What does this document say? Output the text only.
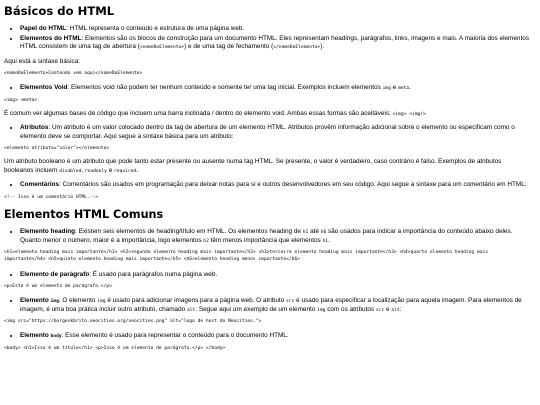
Básicos do HTML
• Papel do HTML: HTML representa o conteúdo e estrutura de uma página web.
• Elementos do HTML: Elementos são os blocos de construção para um documento HTML. Eles representam headings, parágrafos, links, imagens e mais. A maioria dos elementos HTML consistem de uma tag de abertura (<nomeDoElemento>) e de uma tag de fechamento (</nomeDoElemento>).

Aqui está a sintaxe básica:

<nomeDoElemento>Conteúdo vem aqui</nomeDoElemento>
• Elementos Void: Elementos void não podem ter nenhum conteúdo e somente ter uma tag inicial. Exemplos incluem elementos img e meta.
<img> <meta>

É comum ver algumas bases de código que incluem uma barra inclinada / dentro do elemento void. Ambas essas formas são aceitáveis: <img> <img/>

• Atributos: Um atributo é um valor colocado dentro da tag de abertura de um elemento HTML. Atributos provêm informação adicional sobre o elemento ou especificam como o elemento deve se comportar. Aqui segue a sintaxe básica para um atributo:
<elemento atributo="valor"></elemento>

Um atributo booleano é um atributo que pode tanto estar presente ou ausente numa tag HTML. Se presente, o valor é verdadeiro, caso contrário é falso. Exemplos de atributos booleanos incluem disabled, readonly e required.

• Comentários: Comentários são usados em programação para deixar notas para si e outros desenvolvedores em seu código. Aqui segue a sintaxe para um comentário em HTML:
<!-- Isso é um comentário HTML.-->
Elementos HTML Comuns
• Elemento heading: Existem seis elementos de heading/título em HTML. Os elementos heading de h1 até h6 são usados para indicar a importância do conteúdo abaixo deles. Quanto menor o número, maior é a importância, logo elementos h2 têm menos importância que elementos h1.
<h1>elemento heading mais importante</h1> <h2>segundo elemento heading mais importante</h2> <h3>terceiro elemento heading mais importante</h3> <h4>quarto elemento heading mais importante</h4> <h5>quinto elemento heading mais importante</h5> <h6>elemento heading menos importante</h6>
• Elemento de parágrafo: É usado para parágrafos numa página web.
<p>Este é um elemento de parágrafo.</p>
• Elemento img: O elemento img é usado para adicionar imagens para a página web. O atributo src é usado para especificar a localização para aquela imagem. Para elementos de imagem, é uma boa prática incluir outro atributo, chamado alt. Segue aqui um exemplo de um elemento img com os atributos src e alt:
<img src="https://borgeskbrito.neocities.org/neocities.png" alt="logo de host do Neocities.">
• Elemento body: Esse elemento é usado para representar o conteúdo para o documento HTML.
<body> <h1>Isso é um título</h1> <p>Isso é um elemento de parágrafo.</p> </body>
